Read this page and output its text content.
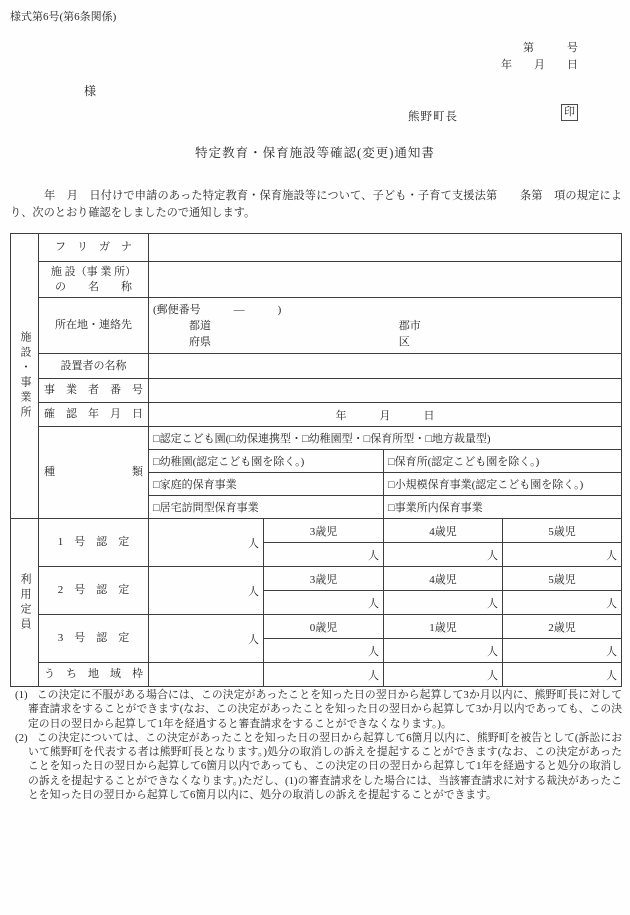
様式第6号(第6条関係)
第　　　号
年　　月　　日
様
熊野町長	印
特定教育・保育施設等確認(変更)通知書

　　　年　月　日付けで申請のあった特定教育・保育施設等について、子ども・子育て支援法第　　条第　項の規定により、次のとおり確認をしましたので通知します。

施設・事業所	フ　リ　ガ　ナ				

	施 設（事 業 所）
の　　名　　称				

	所在地・連絡先	(郵便番号　　　―　　　)
都道 郡市
府県 区			

	設置者の名称				
	事　業　者　番　号				
	確　認　年　月　日	年　　　月　　　日			
	種　　　　　　　類	□認定こども園(□幼保連携型・□幼稚園型・□保育所型・□地方裁量型)			
		□幼稚園(認定こども園を除く。)		□保育所(認定こども園を除く。)	
		□家庭的保育事業		□小規模保育事業(認定こども園を除く。)	
		□居宅訪問型保育事業		□事業所内保育事業	

利用定員	1　号　認　定	人	3歳児	4歳児	5歳児
			人	人	人
	2　号　認　定	人	3歳児	4歳児	5歳児
			人	人	人
	3　号　認　定	人	0歳児	1歳児	2歳児
			人	人	人
	う　ち　地　域　枠		人	人	人
(1) この決定に不服がある場合には、この決定があったことを知った日の翌日から起算して3か月以内に、熊野町長に対して審査請求をすることができます(なお、この決定があったことを知った日の翌日から起算して3か月以内であっても、この決定の日の翌日から起算して1年を経過すると審査請求をすることができなくなります。)。
(2) この決定については、この決定があったことを知った日の翌日から起算して6箇月以内に、熊野町を被告として(訴訟において熊野町を代表する者は熊野町長となります。)処分の取消しの訴えを提起することができます(なお、この決定があったことを知った日の翌日から起算して6箇月以内であっても、この決定の日の翌日から起算して1年を経過すると処分の取消しの訴えを提起することができなくなります。)ただし、(1)の審査請求をした場合には、当該審査請求に対する裁決があったことを知った日の翌日から起算して6箇月以内に、処分の取消しの訴えを提起することができます。
